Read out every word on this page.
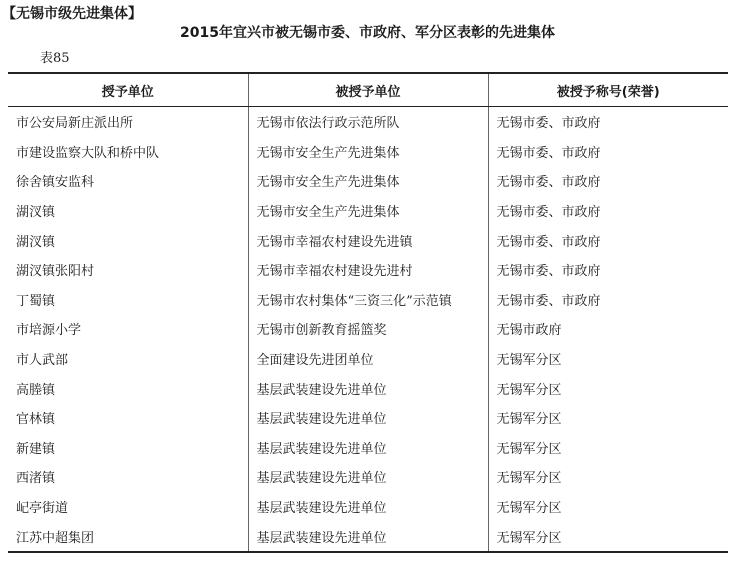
【无锡市级先进集体】
2015年宜兴市被无锡市委、市政府、军分区表彰的先进集体
表85
授予单位	被授予单位	被授予称号(荣誉)
市公安局新庄派出所	无锡市依法行政示范所队	无锡市委、市政府
市建设监察大队和桥中队	无锡市安全生产先进集体	无锡市委、市政府
徐舍镇安监科	无锡市安全生产先进集体	无锡市委、市政府
湖汊镇	无锡市安全生产先进集体	无锡市委、市政府
湖汊镇	无锡市幸福农村建设先进镇	无锡市委、市政府
湖汊镇张阳村	无锡市幸福农村建设先进村	无锡市委、市政府
丁蜀镇	无锡市农村集体“三资三化”示范镇	无锡市委、市政府
市培源小学	无锡市创新教育摇篮奖	无锡市政府
市人武部	全面建设先进团单位	无锡军分区
高塍镇	基层武装建设先进单位	无锡军分区
官林镇	基层武装建设先进单位	无锡军分区
新建镇	基层武装建设先进单位	无锡军分区
西渚镇	基层武装建设先进单位	无锡军分区
屺亭街道	基层武装建设先进单位	无锡军分区
江苏中超集团	基层武装建设先进单位	无锡军分区
